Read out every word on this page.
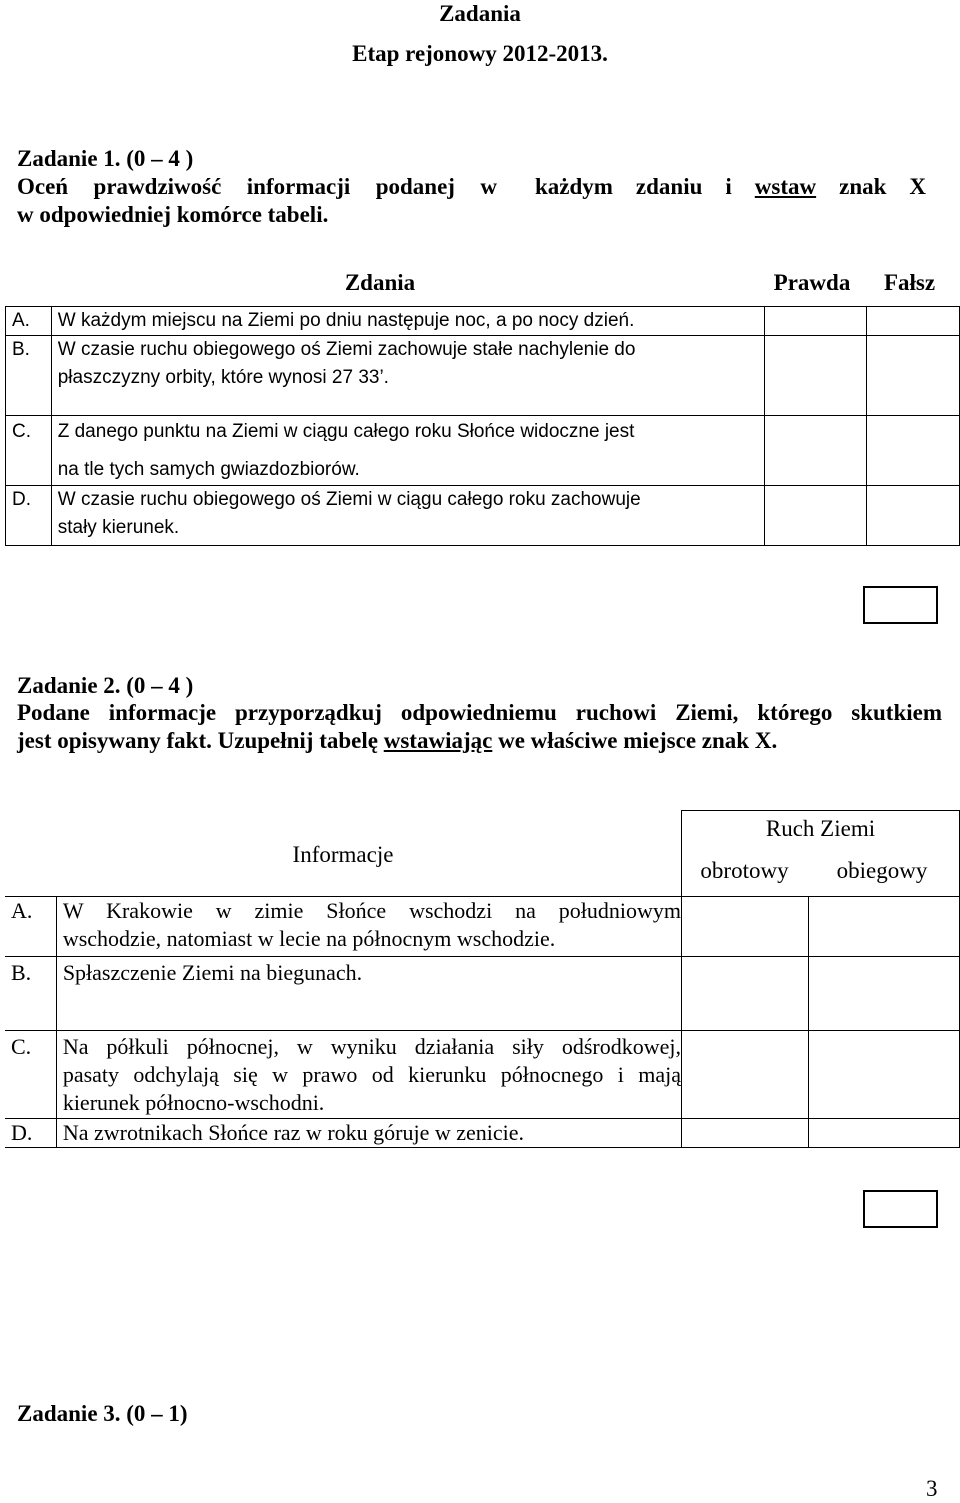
Zadania
Etap rejonowy 2012-2013.
Zadanie 1. (0 – 4 )
Oceń prawdziwość informacji podanej w każdym zdaniu i wstaw znak X
w odpowiedniej komórce tabeli.
Zdania	Prawda	Fałsz
A.	W każdym miejscu na Ziemi po dniu następuje noc, a po nocy dzień.		
B.	W czasie ruchu obiegowego oś Ziemi zachowuje stałe nachylenie do
płaszczyzny orbity, które wynosi 27 33’.		

C.	Z danego punktu na Ziemi w ciągu całego roku Słońce widoczne jest
na tle tych samych gwiazdozbiorów.		

D.	W czasie ruchu obiegowego oś Ziemi w ciągu całego roku zachowuje
stały kierunek.		

Zadanie 2. (0 – 4 )
Podane informacje przyporządkuj odpowiedniemu ruchowi Ziemi, którego skutkiem
jest opisywany fakt. Uzupełnij tabelę wstawiając we właściwe miejsce znak X.
Informacje		Ruch Ziemi
obrotowy obiegowy	

A.	W Krakowie w zimie Słońce wschodzi na południowym
wschodzie, natomiast w lecie na północnym wschodzie.		

B.	Spłaszczenie Ziemi na biegunach.		
C.	Na półkuli północnej, w wyniku działania siły odśrodkowej,
pasaty odchylają się w prawo od kierunku północnego i mają
kierunek północno-wschodni.		

D.	Na zwrotnikach Słońce raz w roku góruje w zenicie.		
Zadanie 3. (0 – 1)
3
